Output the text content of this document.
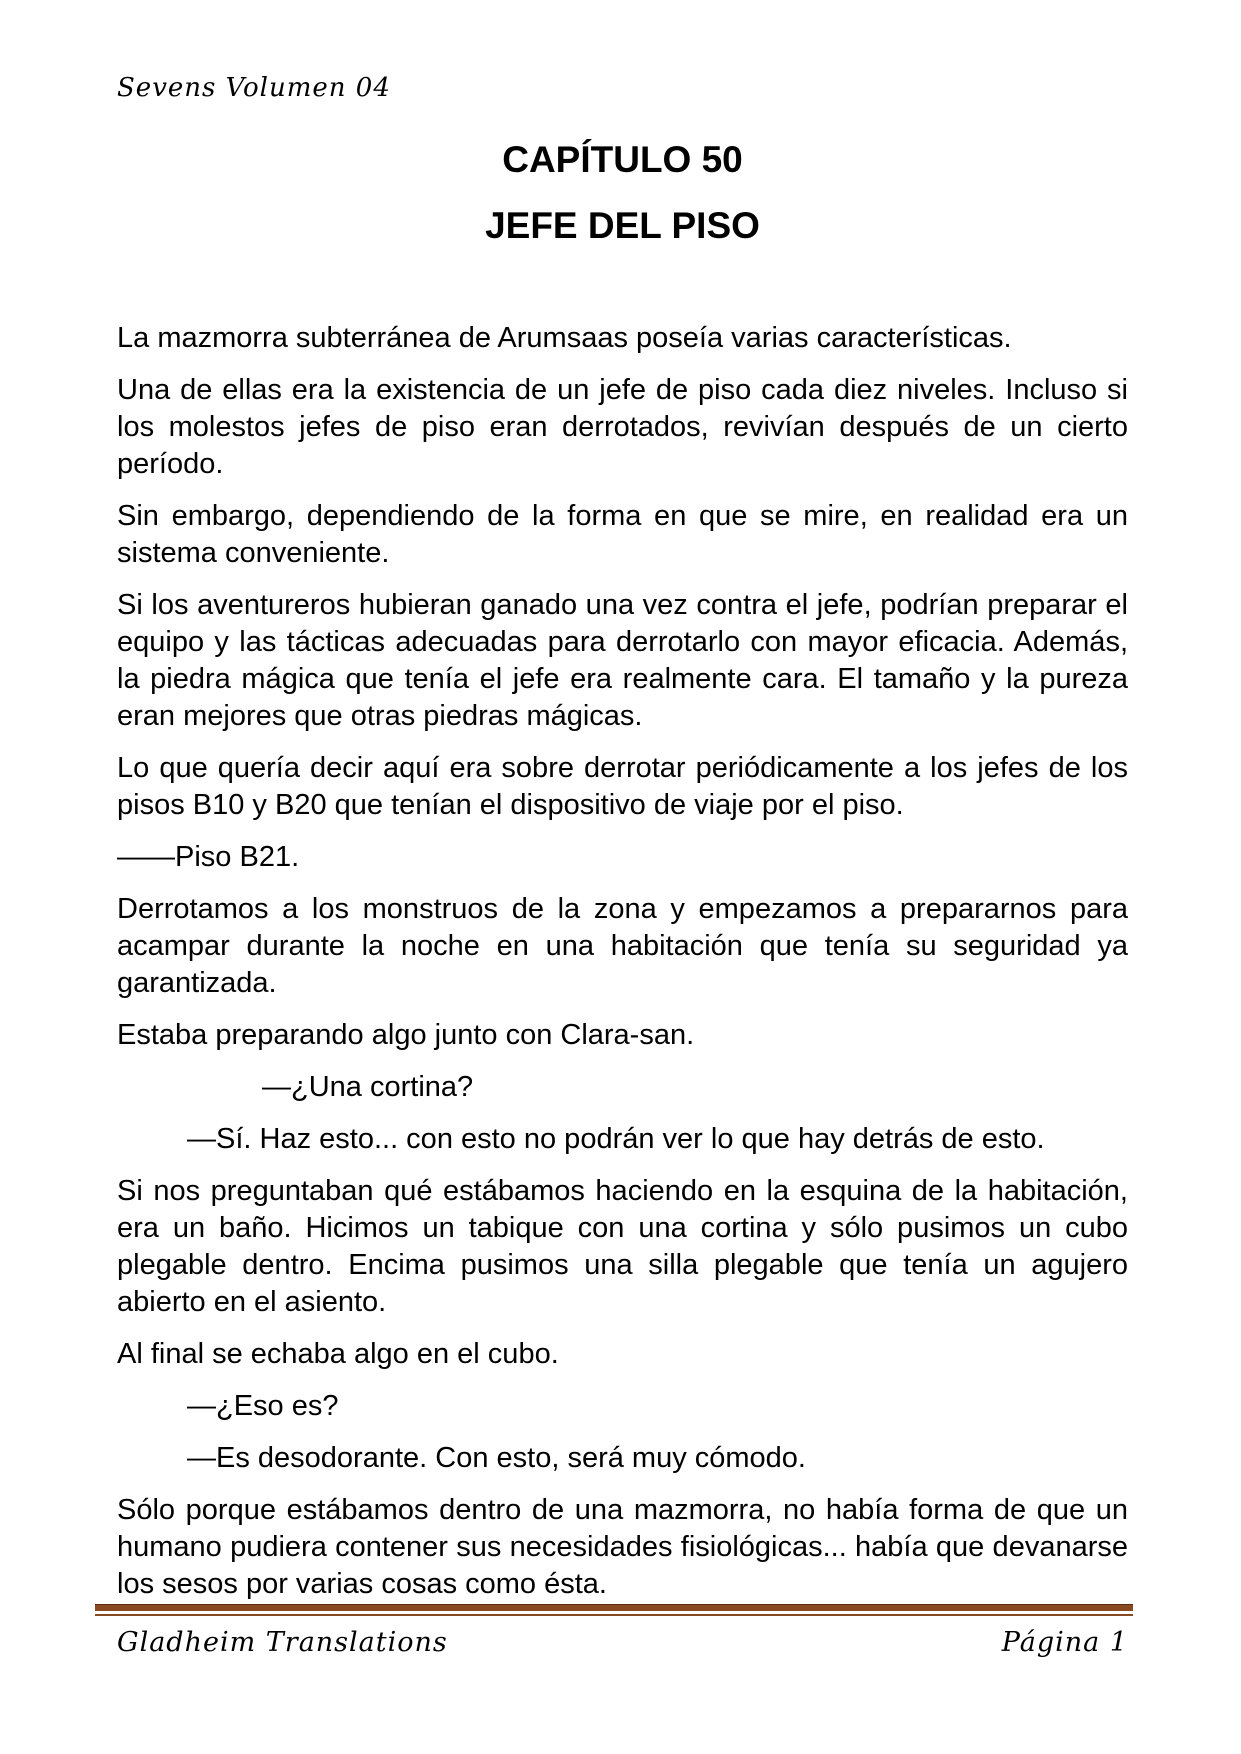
Sevens Volumen 04

CAPÍTULO 50

JEFE DEL PISO

La mazmorra subterránea de Arumsaas poseía varias características.

Una de ellas era la existencia de un jefe de piso cada diez niveles. Incluso si los molestos jefes de piso eran derrotados, revivían después de un cierto período.

Sin embargo, dependiendo de la forma en que se mire, en realidad era un sistema conveniente.

Si los aventureros hubieran ganado una vez contra el jefe, podrían preparar el equipo y las tácticas adecuadas para derrotarlo con mayor eficacia. Además, la piedra mágica que tenía el jefe era realmente cara. El tamaño y la pureza eran mejores que otras piedras mágicas.

Lo que quería decir aquí era sobre derrotar periódicamente a los jefes de los pisos B10 y B20 que tenían el dispositivo de viaje por el piso.

——Piso B21.

Derrotamos a los monstruos de la zona y empezamos a prepararnos para acampar durante la noche en una habitación que tenía su seguridad ya garantizada.

Estaba preparando algo junto con Clara-san.

—¿Una cortina?

—Sí. Haz esto... con esto no podrán ver lo que hay detrás de esto.

Si nos preguntaban qué estábamos haciendo en la esquina de la habitación, era un baño. Hicimos un tabique con una cortina y sólo pusimos un cubo plegable dentro. Encima pusimos una silla plegable que tenía un agujero abierto en el asiento.

Al final se echaba algo en el cubo.

—¿Eso es?

—Es desodorante. Con esto, será muy cómodo.

Sólo porque estábamos dentro de una mazmorra, no había forma de que un humano pudiera contener sus necesidades fisiológicas... había que devanarse los sesos por varias cosas como ésta.

Gladheim Translations	Página 1
